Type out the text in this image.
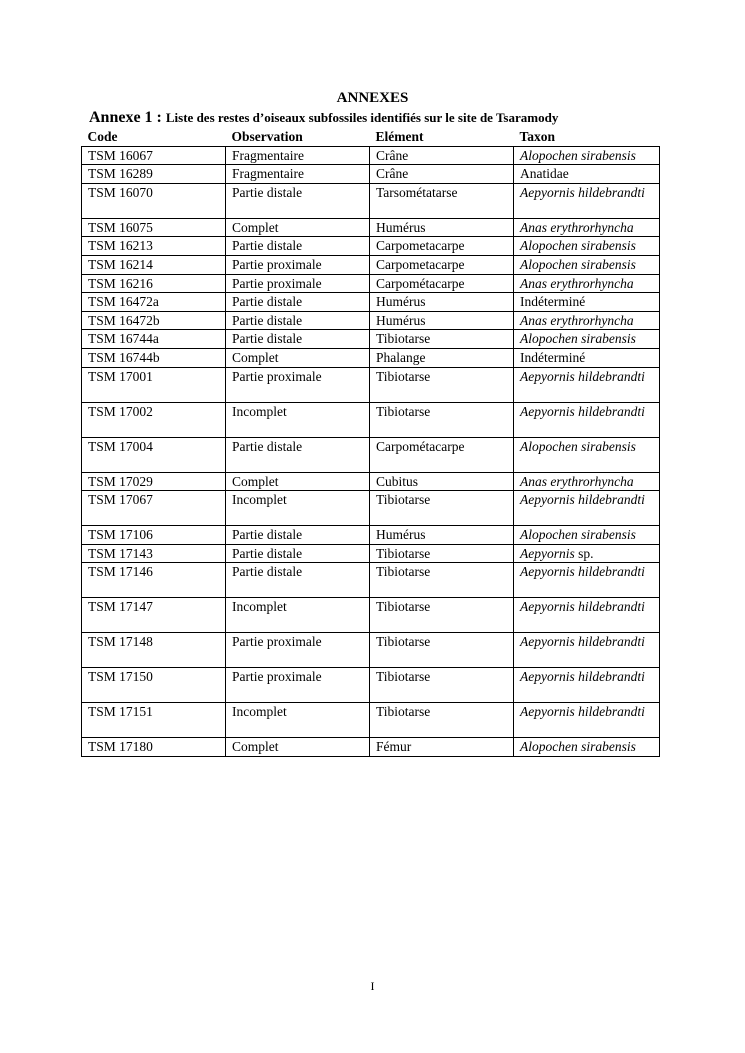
ANNEXES
Annexe 1 : Liste des restes d’oiseaux subfossiles identifiés sur le site de Tsaramody
Code	Observation	Elément	Taxon
TSM 16067	Fragmentaire	Crâne	Alopochen sirabensis
TSM 16289	Fragmentaire	Crâne	Anatidae
TSM 16070	Partie distale	Tarsométatarse	Aepyornis hildebrandti
TSM 16075	Complet	Humérus	Anas erythrorhyncha
TSM 16213	Partie distale	Carpometacarpe	Alopochen sirabensis
TSM 16214	Partie proximale	Carpometacarpe	Alopochen sirabensis
TSM 16216	Partie proximale	Carpométacarpe	Anas erythrorhyncha
TSM 16472a	Partie distale	Humérus	Indéterminé
TSM 16472b	Partie distale	Humérus	Anas erythrorhyncha
TSM 16744a	Partie distale	Tibiotarse	Alopochen sirabensis
TSM 16744b	Complet	Phalange	Indéterminé
TSM 17001	Partie proximale	Tibiotarse	Aepyornis hildebrandti
TSM 17002	Incomplet	Tibiotarse	Aepyornis hildebrandti
TSM 17004	Partie distale	Carpométacarpe	Alopochen sirabensis
TSM 17029	Complet	Cubitus	Anas erythrorhyncha
TSM 17067	Incomplet	Tibiotarse	Aepyornis hildebrandti
TSM 17106	Partie distale	Humérus	Alopochen sirabensis
TSM 17143	Partie distale	Tibiotarse	Aepyornis sp.
TSM 17146	Partie distale	Tibiotarse	Aepyornis hildebrandti
TSM 17147	Incomplet	Tibiotarse	Aepyornis hildebrandti
TSM 17148	Partie proximale	Tibiotarse	Aepyornis hildebrandti
TSM 17150	Partie proximale	Tibiotarse	Aepyornis hildebrandti
TSM 17151	Incomplet	Tibiotarse	Aepyornis hildebrandti
TSM 17180	Complet	Fémur	Alopochen sirabensis
I
